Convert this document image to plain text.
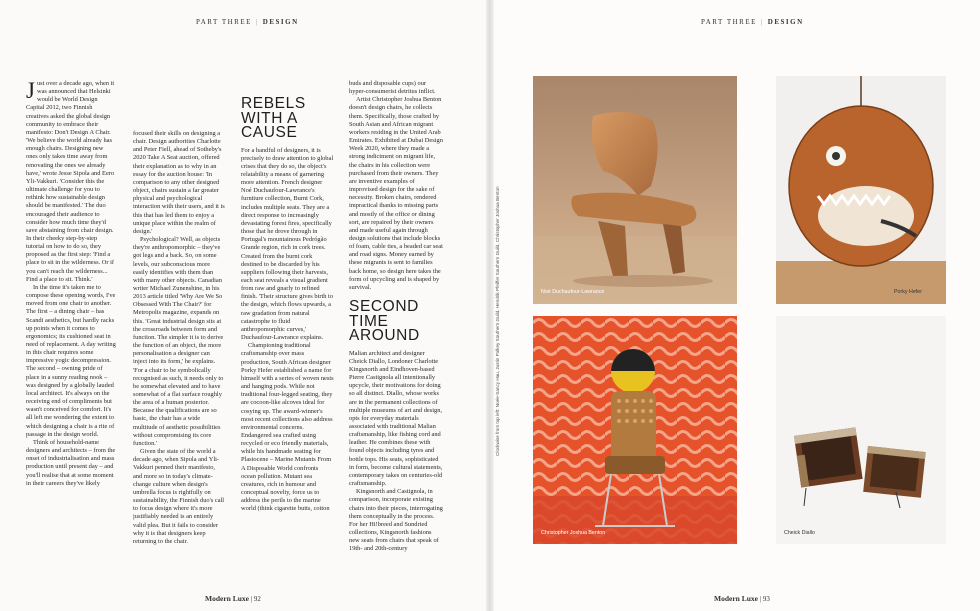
PART THREE | DESIGN

Just over a decade ago, when it was announced that Helsinki would be World Design Capital 2012, two Finnish creatives asked the global design community to embrace their manifesto: Don't Design A Chair. 'We believe the world already has enough chairs. Designing new ones only takes time away from renovating the ones we already have,' wrote Jesse Sipola and Eero Yli-Vakkuri. 'Consider this the ultimate challenge for you to rethink how sustainable design should be manifested.' The duo encouraged their audience to consider how much time they'd save abstaining from chair design. In their cheeky step-by-step tutorial on how to do so, they proposed as the first step: 'Find a place to sit in the wilderness. Or if you can't reach the wilderness... Find a place to sit. Think.'

In the time it's taken me to compose these opening words, I've moved from one chair to another. The first – a dining chair – has Scandi aesthetics, but hardly racks up points when it comes to ergonomics; its cushioned seat in need of replacement. A day writing in this chair requires some impressive yogic decompression. The second – owning pride of place in a sunny reading nook – was designed by a globally lauded local architect. It's always on the receiving end of compliments but wasn't conceived for comfort. It's all left me wondering the extent to which designing a chair is a rite of passage in the design world.

Think of household-name designers and architects – from the onset of industrialisation and mass production until present day – and you'll realise that at some moment in their careers they've likely

focused their skills on designing a chair. Design authorities Charlotte and Peter Fiell, ahead of Sotheby's 2020 Take A Seat auction, offered their explanation as to why in an essay for the auction house: 'In comparison to any other designed object, chairs sustain a far greater physical and psychological interaction with their users, and it is this that has led them to enjoy a unique place within the realm of design.'

Psychological? Well, as objects they're anthropomorphic – they've got legs and a back. So, on some levels, our subconscious more easily identifies with them than with many other objects. Canadian writer Michael Zunenshine, in his 2013 article titled 'Why Are We So Obsessed With The Chair?' for Metropolis magazine, expands on this. 'Great industrial design sits at the crossroads between form and function. The simpler it is to derive the function of an object, the more personalisation a designer can inject into its form,' he explains. 'For a chair to be symbolically recognised as such, it needs only to be somewhat elevated and to have somewhat of a flat surface roughly the area of a human posterior. Because the qualifications are so basic, the chair has a wide multitude of aesthetic possibilities without compromising its core function.'

Given the state of the world a decade ago, when Sipola and Yli-Vakkuri penned their manifesto, and more so in today's climate-change culture when design's umbrella focus is rightfully on sustainability, the Finnish duo's call to focus design where it's more justifiably needed is an entirely valid plea. But it fails to consider why it is that designers keep returning to the chair.

REBELS WITH A CAUSE

For a handful of designers, it is precisely to draw attention to global crises that they do so, the object's relatability a means of garnering more attention. French designer Noé Duchaufour-Lawrance's furniture collection, Burnt Cork, includes multiple seats. They are a direct response to increasingly devastating forest fires, specifically those that he drove through in Portugal's mountainous Pedrógão Grande region, rich in cork trees. Created from the burnt cork destined to be discarded by his suppliers following their harvests, each seat reveals a visual gradient from raw and gnarly to refined finish. 'Their structure gives birth to the design, which flows upwards, a raw gradation from natural catastrophe to fluid anthropomorphic curves,' Duchaufour-Lawrance explains.

Championing traditional craftsmanship over mass production, South African designer Porky Hefer established a name for himself with a series of woven nests and hanging pods. While not traditional four-legged seating, they are cocoon-like alcoves ideal for cosying up. The award-winner's most recent collections also address environmental concerns. Endangered sea crafted using recycled or eco friendly materials, while his handmade seating for Plastocene – Marine Mutants From A Disposable World confronts ocean pollution. Mutant sea creatures, rich in humour and conceptual novelty, force us to address the perils to the marine world (think cigarette butts, cotton

buds and disposable cups) our hyper-consumerist detritus inflict.

Artist Christopher Joshua Benton doesn't design chairs, he collects them. Specifically, those crafted by South Asian and African migrant workers residing in the United Arab Emirates. Exhibited at Dubai Design Week 2020, where they made a strong indictment on migrant life, the chairs in his collection were purchased from their owners. They are inventive examples of improvised design for the sake of necessity. Broken chairs, rendered impractical thanks to missing parts and mostly of the office or dining sort, are repaired by their owners and made useful again through design solutions that include blocks of foam, cable ties, a beaded car seat and road signs. Money earned by these migrants is sent to families back home, so design here takes the form of upcycling and is shaped by survival.

SECOND TIME AROUND

Malian architect and designer Cheick Diallo, Londoner Charlotte Kingsnorth and Eindhoven-based Pierre Castignola all intentionally upcycle, their motivations for doing so all distinct. Diallo, whose works are in the permanent collections of multiple museums of art and design, opts for everyday materials associated with traditional Malian craftsmanship, like fishing cord and leather. He combines these with found objects including tyres and bottle tops. His seats, sophisticated in form, become cultural statements, contemporary takes on centuries-old craftsmanship.

Kingsnorth and Castignola, in comparison, incorporate existing chairs into their pieces, interrogating them conceptually in the process. For her Hi!breed and Sundried collections, Kingsnorth fashions new seats from chairs that speak of 19th- and 20th-century

Modern Luxe | 92
PART THREE | DESIGN
Noé Duchaufour-Lawrance	Porky Hefer
Christopher Joshua Benton	Cheick Diallo
Modern Luxe | 93
Clockwise from top left: Noée-Sancy Hau, Justin Polkey Southern Guild, Hendrik Pfeiffer Southern Guild, Christopher Joshua Benton
